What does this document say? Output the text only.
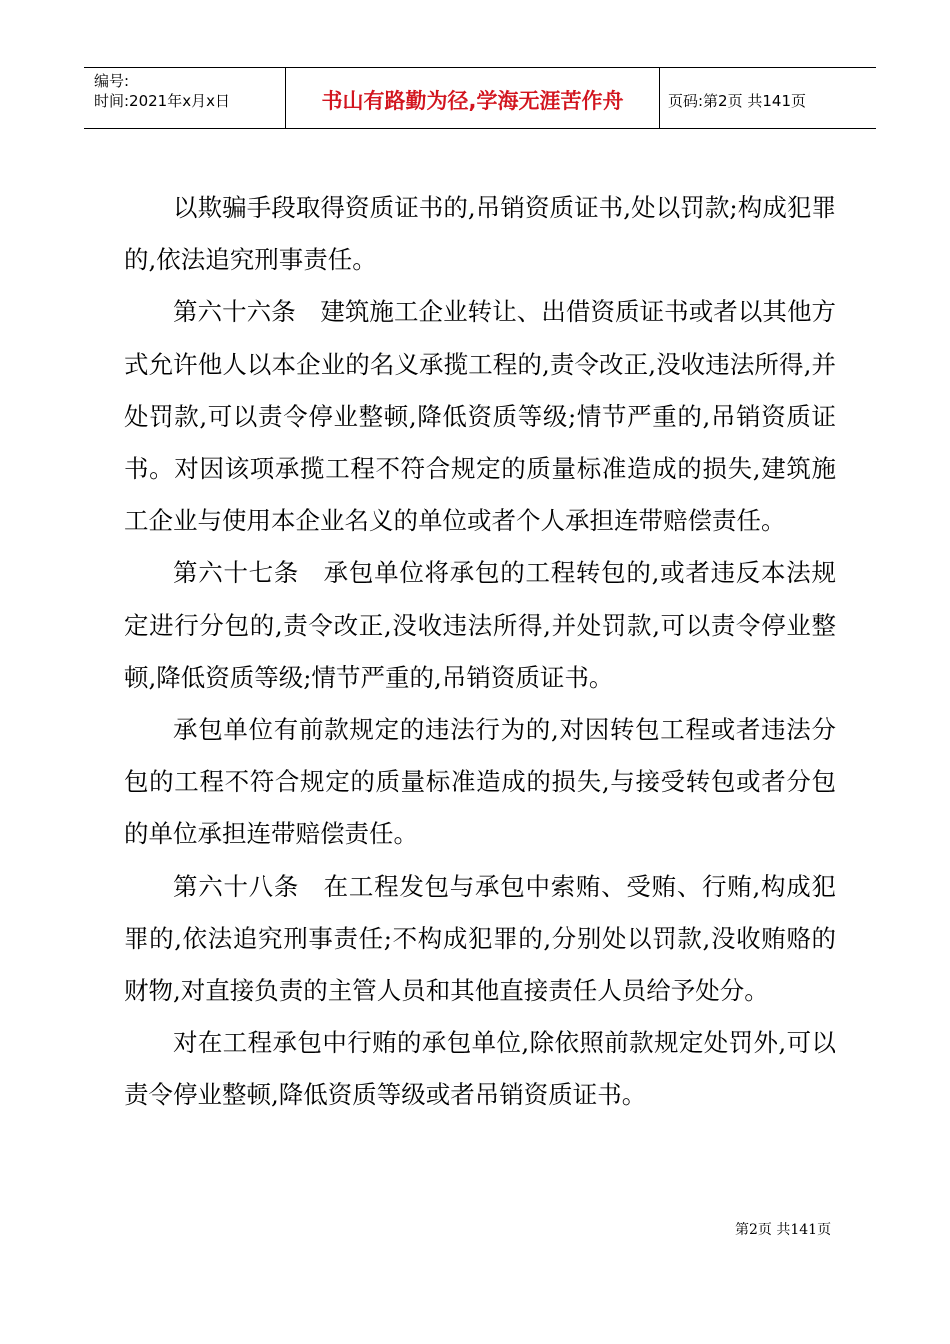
编号:
时间:2021年x月x日	书山有路勤为径,学海无涯苦作舟	页码:第2页 共141页

以欺骗手段取得资质证书的,吊销资质证书,处以罚款;构成犯罪的,依法追究刑事责任。

第六十六条 建筑施工企业转让、出借资质证书或者以其他方式允许他人以本企业的名义承揽工程的,责令改正,没收违法所得,并处罚款,可以责令停业整顿,降低资质等级;情节严重的,吊销资质证书。对因该项承揽工程不符合规定的质量标准造成的损失,建筑施工企业与使用本企业名义的单位或者个人承担连带赔偿责任。

第六十七条 承包单位将承包的工程转包的,或者违反本法规定进行分包的,责令改正,没收违法所得,并处罚款,可以责令停业整顿,降低资质等级;情节严重的,吊销资质证书。

承包单位有前款规定的违法行为的,对因转包工程或者违法分包的工程不符合规定的质量标准造成的损失,与接受转包或者分包的单位承担连带赔偿责任。

第六十八条 在工程发包与承包中索贿、受贿、行贿,构成犯罪的,依法追究刑事责任;不构成犯罪的,分别处以罚款,没收贿赂的财物,对直接负责的主管人员和其他直接责任人员给予处分。

对在工程承包中行贿的承包单位,除依照前款规定处罚外,可以责令停业整顿,降低资质等级或者吊销资质证书。

第2页 共141页
